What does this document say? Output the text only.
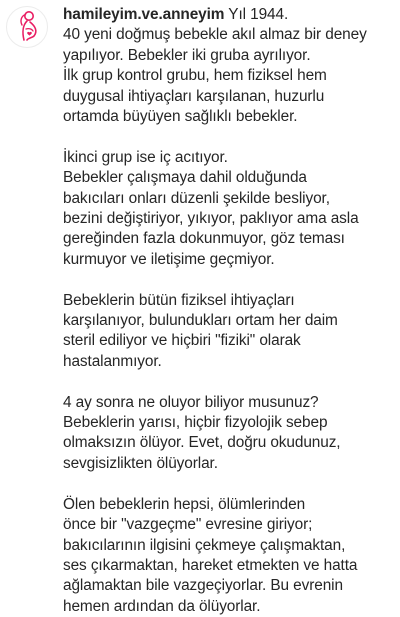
hamileyim.ve.anneyim Yıl 1944.
40 yeni doğmuş bebekle akıl almaz bir deney
yapılıyor. Bebekler iki gruba ayrılıyor.
İlk grup kontrol grubu, hem fiziksel hem
duygusal ihtiyaçları karşılanan, huzurlu
ortamda büyüyen sağlıklı bebekler.

İkinci grup ise iç acıtıyor.
Bebekler çalışmaya dahil olduğunda
bakıcıları onları düzenli şekilde besliyor,
bezini değiştiriyor, yıkıyor, paklıyor ama asla
gereğinden fazla dokunmuyor, göz teması
kurmuyor ve iletişime geçmiyor.

Bebeklerin bütün fiziksel ihtiyaçları
karşılanıyor, bulundukları ortam her daim
steril ediliyor ve hiçbiri "fiziki" olarak
hastalanmıyor.

4 ay sonra ne oluyor biliyor musunuz?
Bebeklerin yarısı, hiçbir fizyolojik sebep
olmaksızın ölüyor. Evet, doğru okudunuz,
sevgisizlikten ölüyorlar.

Ölen bebeklerin hepsi, ölümlerinden
önce bir "vazgeçme" evresine giriyor;
bakıcılarının ilgisini çekmeye çalışmaktan,
ses çıkarmaktan, hareket etmekten ve hatta
ağlamaktan bile vazgeçiyorlar. Bu evrenin
hemen ardından da ölüyorlar.
